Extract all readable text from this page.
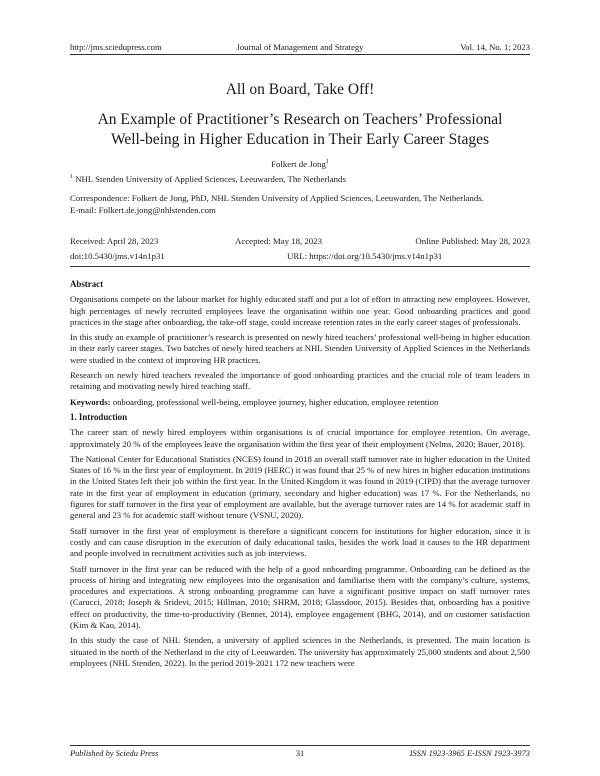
http://jms.sciedupress.com	Journal of Management and Strategy	Vol. 14, No. 1; 2023
All on Board, Take Off!
An Example of Practitioner’s Research on Teachers’ Professional
Well-being in Higher Education in Their Early Career Stages
Folkert de Jong$^1$
$^1$ NHL Stenden University of Applied Sciences, Leeuwarden, The Netherlands
Correspondence: Folkert de Jong, PhD, NHL Stenden University of Applied Sciences, Leeuwarden, The Netherlands.
E-mail: Folkert.de.jong@nhlstenden.com
Received: April 28, 2023	Accepted: May 18, 2023	Online Published: May 28, 2023
doi:10.5430/jms.v14n1p31	URL: https://doi.org/10.5430/jms.v14n1p31
Abstract

Organisations compete on the labour market for highly educated staff and put a lot of effort in attracting new employees. However, high percentages of newly recruited employees leave the organisation within one year. Good onboarding practices and good practices in the stage after onboarding, the take-off stage, could increase retention rates in the early career stages of professionals.

In this study an example of practitioner’s research is presented on newly hired teachers’ professional well-being in higher education in their early career stages. Two batches of newly hired teachers at NHL Stenden University of Applied Sciences in the Netherlands were studied in the context of improving HR practices.

Research on newly hired teachers revealed the importance of good onboarding practices and the crucial role of team leaders in retaining and motivating newly hired teaching staff.

Keywords: onboarding, professional well-being, employee journey, higher education, employee retention

1. Introduction

The career start of newly hired employees within organisations is of crucial importance for employee retention. On average, approximately 20 % of the employees leave the organisation within the first year of their employment (Nelms, 2020; Bauer, 2018).

The National Center for Educational Statistics (NCES) found in 2018 an overall staff turnover rate in higher education in the United States of 16 % in the first year of employment. In 2019 (HERC) it was found that 25 % of new hires in higher education institutions in the United States left their job within the first year. In the United Kingdom it was found in 2019 (CIPD) that the average turnover rate in the first year of employment in education (primary, secondary and higher education) was 17 %. For the Netherlands, no figures for staff turnover in the first year of employment are available, but the average turnover rates are 14 % for academic staff in general and 23 % for academic staff without tenure (VSNU, 2020).

Staff turnover in the first year of employment is therefore a significant concern for institutions for higher education, since it is costly and can cause disruption in the execution of daily educational tasks, besides the work load it causes to the HR department and people involved in recruitment activities such as job interviews.

Staff turnover in the first year can be reduced with the help of a good onboarding programme. Onboarding can be defined as the process of hiring and integrating new employees into the organisation and familiarise them with the company’s culture, systems, procedures and expectations. A strong onboarding programme can have a significant positive impact on staff turnover rates (Carucci, 2018; Joseph & Sridevi, 2015; Hillman, 2010; SHRM, 2018; Glassdoor, 2015). Besides that, onboarding has a positive effect on productivity, the time-to-productivity (Bennet, 2014), employee engagement (BHG, 2014), and on customer satisfaction (Kim & Kao, 2014).

In this study the case of NHL Stenden, a university of applied sciences in the Netherlands, is presented. The main location is situated in the north of the Netherland in the city of Leeuwarden. The university has approximately 25,000 students and about 2,500 employees (NHL Stenden, 2022). In the period 2019-2021 172 new teachers were

Published by Sciedu Press	31	ISSN 1923-3965 E-ISSN 1923-3973
